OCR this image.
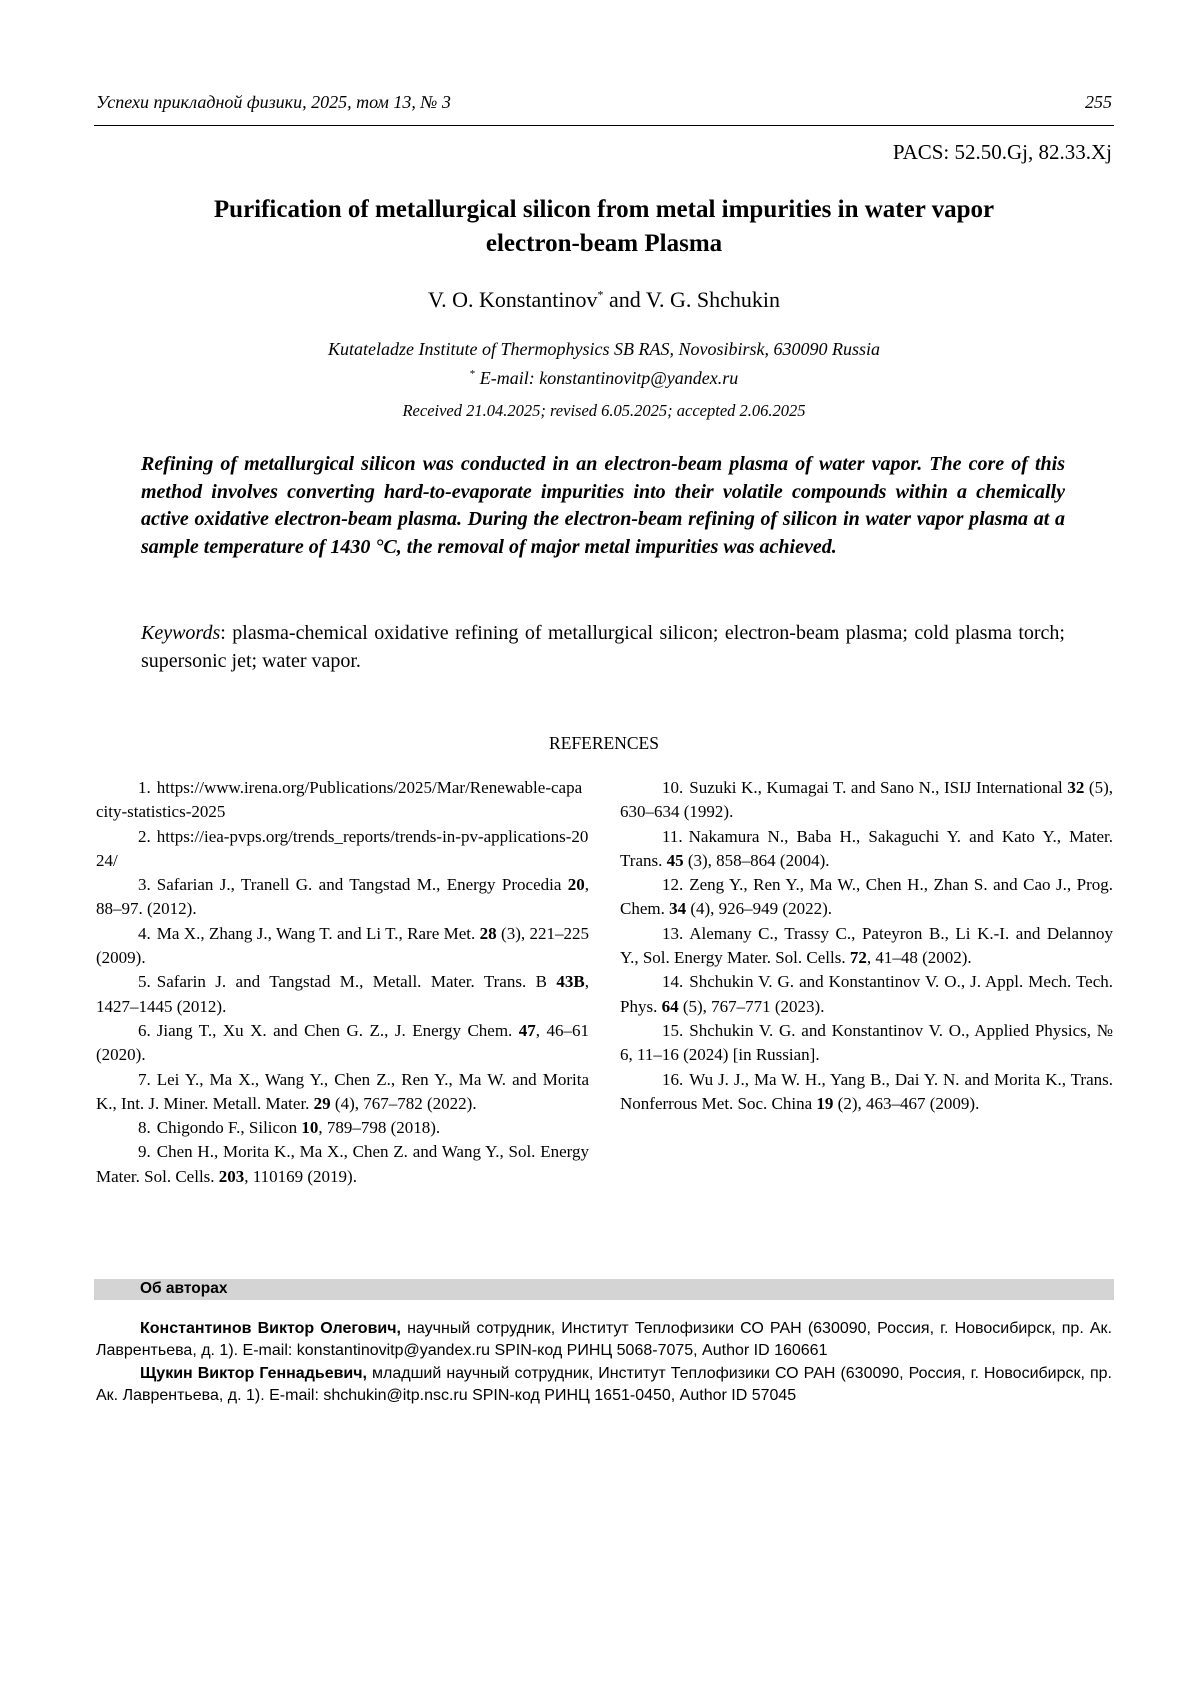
Успехи прикладной физики, 2025, том 13, № 3	255
PACS: 52.50.Gj, 82.33.Xj
Purification of metallurgical silicon from metal impurities in water vapor
electron-beam Plasma
V. O. Konstantinov* and V. G. Shchukin
Kutateladze Institute of Thermophysics SB RAS, Novosibirsk, 630090 Russia
* E-mail: konstantinovitp@yandex.ru
Received 21.04.2025; revised 6.05.2025; accepted 2.06.2025
Refining of metallurgical silicon was conducted in an electron-beam plasma of water vapor. The core of this method involves converting hard-to-evaporate impurities into their volatile compounds within a chemically active oxidative electron-beam plasma. During the electron-beam refining of silicon in water vapor plasma at a sample temperature of 1430 °C, the removal of major metal impurities was achieved.
Keywords: plasma-chemical oxidative refining of metallurgical silicon; electron-beam plasma; cold plasma torch; supersonic jet; water vapor.
REFERENCES

1. https://www.irena.org/Publications/2025/Mar/Renewable-capacity-statistics-2025

2. https://iea-pvps.org/trends_reports/trends-in-pv-applications-2024/

3. Safarian J., Tranell G. and Tangstad M., Energy Procedia 20, 88–97. (2012).

4. Ma X., Zhang J., Wang T. and Li T., Rare Met. 28 (3), 221–225 (2009).

5. Safarin J. and Tangstad M., Metall. Mater. Trans. B 43B, 1427–1445 (2012).

6. Jiang T., Xu X. and Chen G. Z., J. Energy Chem. 47, 46–61 (2020).

7. Lei Y., Ma X., Wang Y., Chen Z., Ren Y., Ma W. and Morita K., Int. J. Miner. Metall. Mater. 29 (4), 767–782 (2022).

8. Chigondo F., Silicon 10, 789–798 (2018).

9. Chen H., Morita K., Ma X., Chen Z. and Wang Y., Sol. Energy Mater. Sol. Cells. 203, 110169 (2019).

10. Suzuki K., Kumagai T. and Sano N., ISIJ International 32 (5), 630–634 (1992).

11. Nakamura N., Baba H., Sakaguchi Y. and Kato Y., Mater. Trans. 45 (3), 858–864 (2004).

12. Zeng Y., Ren Y., Ma W., Chen H., Zhan S. and Cao J., Prog. Chem. 34 (4), 926–949 (2022).

13. Alemany C., Trassy C., Pateyron B., Li K.-I. and Delannoy Y., Sol. Energy Mater. Sol. Cells. 72, 41–48 (2002).

14. Shchukin V. G. and Konstantinov V. O., J. Appl. Mech. Tech. Phys. 64 (5), 767–771 (2023).

15. Shchukin V. G. and Konstantinov V. O., Applied Physics, № 6, 11–16 (2024) [in Russian].

16. Wu J. J., Ma W. H., Yang B., Dai Y. N. and Morita K., Trans. Nonferrous Met. Soc. China 19 (2), 463–467 (2009).

Об авторах

Константинов Виктор Олегович, научный сотрудник, Институт Теплофизики СО РАН (630090, Россия, г. Новосибирск, пр. Ак. Лаврентьева, д. 1). E-mail: konstantinovitp@yandex.ru SPIN-код РИНЦ 5068-7075, Author ID 160661

Щукин Виктор Геннадьевич, младший научный сотрудник, Институт Теплофизики СО РАН (630090, Россия, г. Новосибирск, пр. Ак. Лаврентьева, д. 1). E-mail: shchukin@itp.nsc.ru SPIN-код РИНЦ 1651-0450, Author ID 57045
